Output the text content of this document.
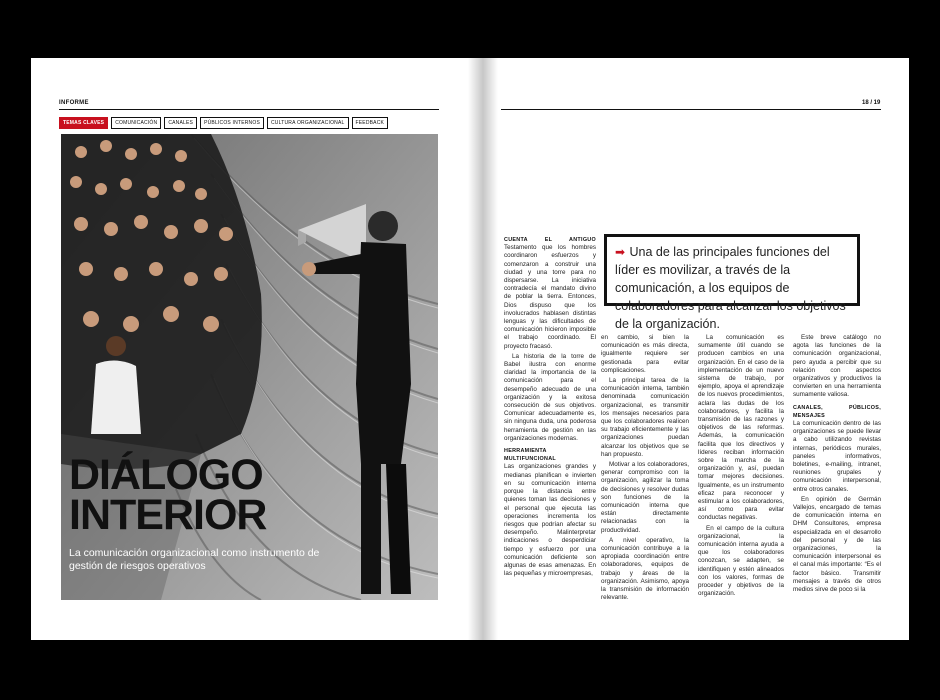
INFORME	18 / 19
TEMAS CLAVES	COMUNICACIÓN	CANALES	PÚBLICOS INTERNOS	CULTURA ORGANIZACIONAL	FEEDBACK
DIÁLOGO
INTERIOR
La comunicación organizacional como instrumento de gestión de riesgos operativos
➡ Una de las principales funciones del líder es movilizar, a través de la comunicación, a los equipos de colaboradores para alcanzar los objetivos de la organización.

CUENTA EL ANTIGUO Testamento que los hombres coordinaron esfuerzos y comenzaron a construir una ciudad y una torre para no dispersarse. La iniciativa contradecía el mandato divino de poblar la tierra. Entonces, Dios dispuso que los involucrados hablasen distintas lenguas y las dificultades de comunicación hicieron imposible el trabajo coordinado. El proyecto fracasó.

La historia de la torre de Babel ilustra con enorme claridad la importancia de la comunicación para el desempeño adecuado de una organización y la exitosa consecución de sus objetivos. Comunicar adecuadamente es, sin ninguna duda, una poderosa herramienta de gestión en las organizaciones modernas.

HERRAMIENTA MULTIFUNCIONAL

Las organizaciones grandes y medianas planifican e invierten en su comunicación interna porque la distancia entre quienes toman las decisiones y el personal que ejecuta las operaciones incrementa los riesgos que podrían afectar su desempeño. Malinterpretar indicaciones o desperdiciar tiempo y esfuerzo por una comunicación deficiente son algunas de esas amenazas. En las pequeñas y microempresas,

en cambio, si bien la comunicación es más directa, igualmente requiere ser gestionada para evitar complicaciones.

La principal tarea de la comunicación interna, también denominada comunicación organizacional, es transmitir los mensajes necesarios para que los colaboradores realicen su trabajo eficientemente y las organizaciones puedan alcanzar los objetivos que se han propuesto.

Motivar a los colaboradores, generar compromiso con la organización, agilizar la toma de decisiones y resolver dudas son funciones de la comunicación interna que están directamente relacionadas con la productividad.

A nivel operativo, la comunicación contribuye a la apropiada coordinación entre colaboradores, equipos de trabajo y áreas de la organización. Asimismo, apoya la transmisión de información relevante.

La comunicación es sumamente útil cuando se producen cambios en una organización. En el caso de la implementación de un nuevo sistema de trabajo, por ejemplo, apoya el aprendizaje de los nuevos procedimientos, aclara las dudas de los colaboradores, y facilita la transmisión de las razones y objetivos de las reformas. Además, la comunicación facilita que los directivos y líderes reciban información sobre la marcha de la organización y, así, puedan tomar mejores decisiones. Igualmente, es un instrumento eficaz para reconocer y estimular a los colaboradores, así como para evitar conductas negativas.

En el campo de la cultura organizacional, la comunicación interna ayuda a que los colaboradores conozcan, se adapten, se identifiquen y estén alineados con los valores, formas de proceder y objetivos de la organización.

Este breve catálogo no agota las funciones de la comunicación organizacional, pero ayuda a percibir que su relación con aspectos organizativos y productivos la convierten en una herramienta sumamente valiosa.

CANALES, PÚBLICOS, MENSAJES

La comunicación dentro de las organizaciones se puede llevar a cabo utilizando revistas internas, periódicos murales, paneles informativos, boletines, e-mailing, intranet, reuniones grupales y comunicación interpersonal, entre otros canales.

En opinión de Germán Vallejos, encargado de temas de comunicación interna en DHM Consultores, empresa especializada en el desarrollo del personal y de las organizaciones, la comunicación interpersonal es el canal más importante: “Es el factor básico. Transmitir mensajes a través de otros medios sirve de poco si la
